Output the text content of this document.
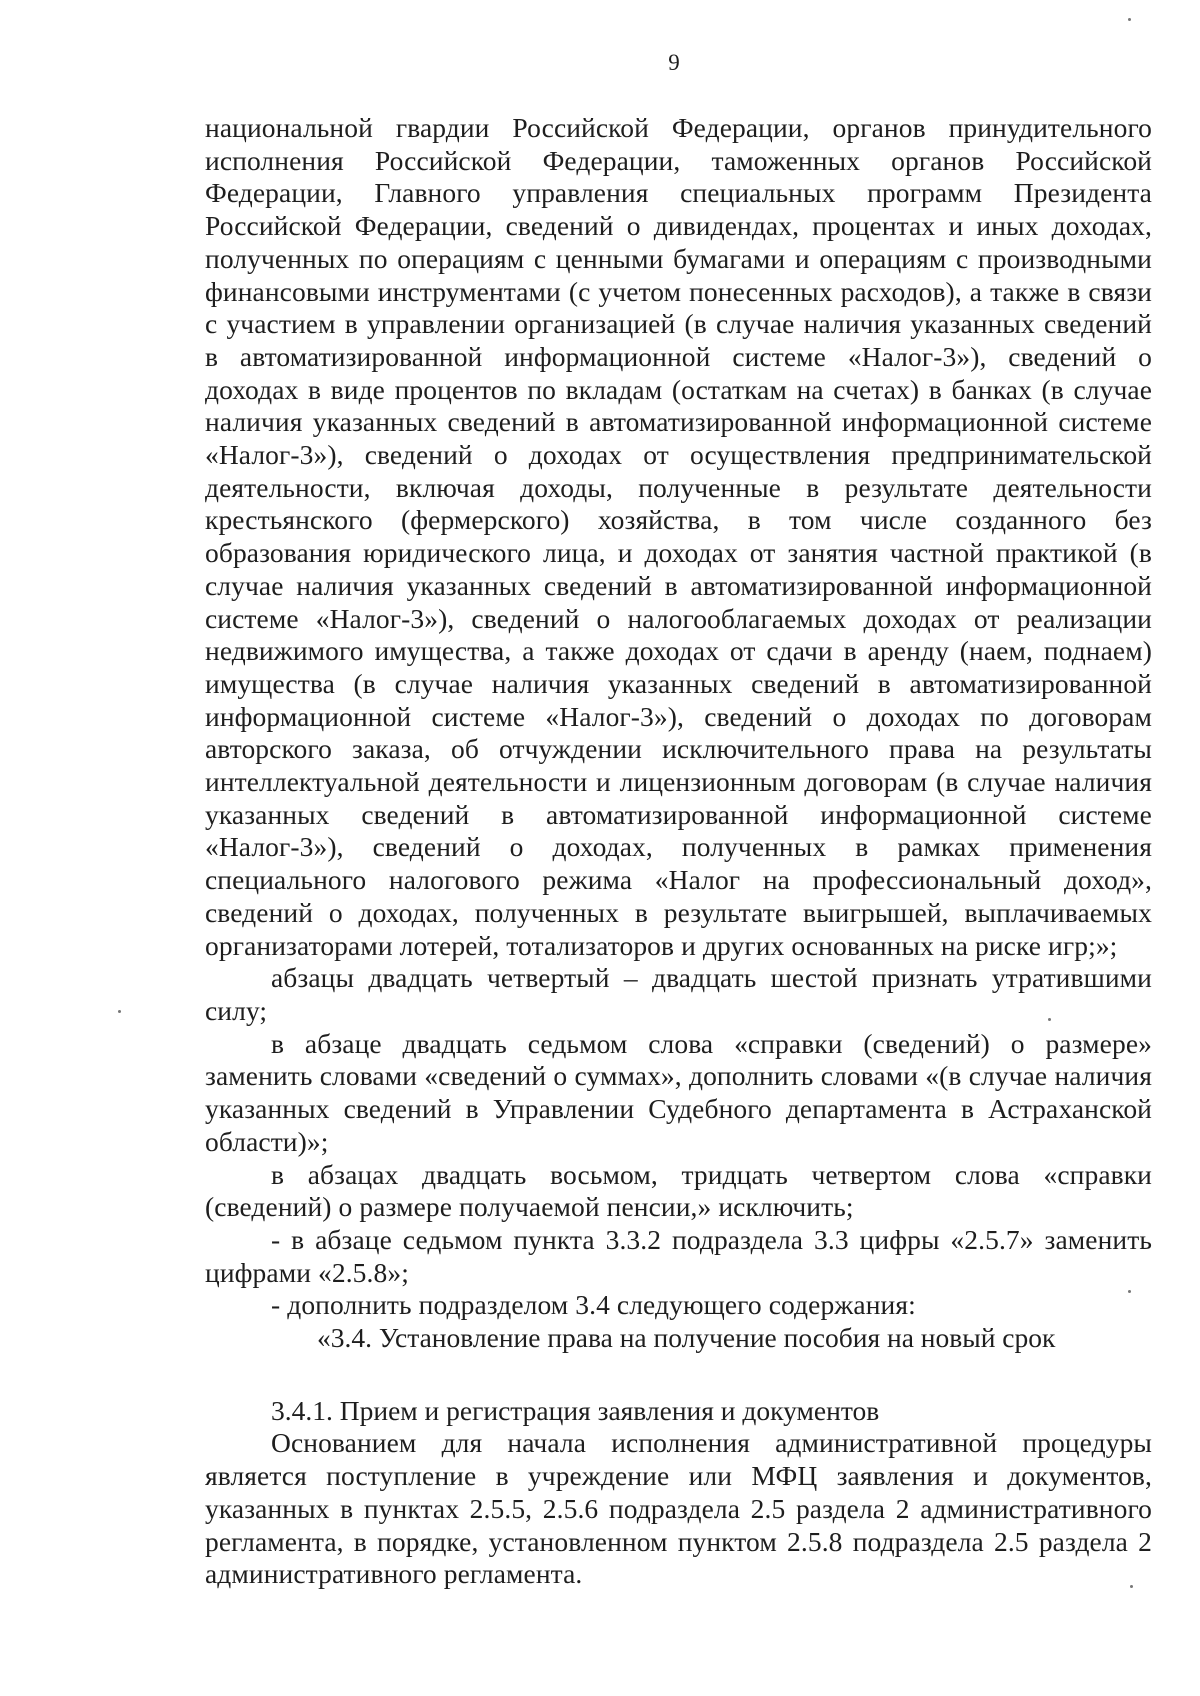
9

национальной гвардии Российской Федерации, органов принудительного исполнения Российской Федерации, таможенных органов Российской Федерации, Главного управления специальных программ Президента Российской Федерации, сведений о дивидендах, процентах и иных доходах, полученных по операциям с ценными бумагами и операциям с производными финансовыми инструментами (с учетом понесенных расходов), а также в связи с участием в управлении организацией (в случае наличия указанных сведений в автоматизированной информационной системе «Налог-3»), сведений о доходах в виде процентов по вкладам (остаткам на счетах) в банках (в случае наличия указанных сведений в автоматизированной информационной системе «Налог-3»), сведений о доходах от осуществления предпринимательской деятельности, включая доходы, полученные в результате деятельности крестьянского (фермерского) хозяйства, в том числе созданного без образования юридического лица, и доходах от занятия частной практикой (в случае наличия указанных сведений в автоматизированной информационной системе «Налог-3»), сведений о налогооблагаемых доходах от реализации недвижимого имущества, а также доходах от сдачи в аренду (наем, поднаем) имущества (в случае наличия указанных сведений в автоматизированной информационной системе «Налог-3»), сведений о доходах по договорам авторского заказа, об отчуждении исключительного права на результаты интеллектуальной деятельности и лицензионным договорам (в случае наличия указанных сведений в автоматизированной информационной системе «Налог-3»), сведений о доходах, полученных в рамках применения специального налогового режима «Налог на профессиональный доход», сведений о доходах, полученных в результате выигрышей, выплачиваемых организаторами лотерей, тотализаторов и других основанных на риске игр;»;

абзацы двадцать четвертый – двадцать шестой признать утратившими силу;

в абзаце двадцать седьмом слова «справки (сведений) о размере» заменить словами «сведений о суммах», дополнить словами «(в случае наличия указанных сведений в Управлении Судебного департамента в Астраханской области)»;

в абзацах двадцать восьмом, тридцать четвертом слова «справки (сведений) о размере получаемой пенсии,» исключить;

- в абзаце седьмом пункта 3.3.2 подраздела 3.3 цифры «2.5.7» заменить цифрами «2.5.8»;

- дополнить подразделом 3.4 следующего содержания:

«3.4. Установление права на получение пособия на новый срок

3.4.1. Прием и регистрация заявления и документов

Основанием для начала исполнения административной процедуры является поступление в учреждение или МФЦ заявления и документов, указанных в пунктах 2.5.5, 2.5.6 подраздела 2.5 раздела 2 административного регламента, в порядке, установленном пунктом 2.5.8 подраздела 2.5 раздела 2 административного регламента.
